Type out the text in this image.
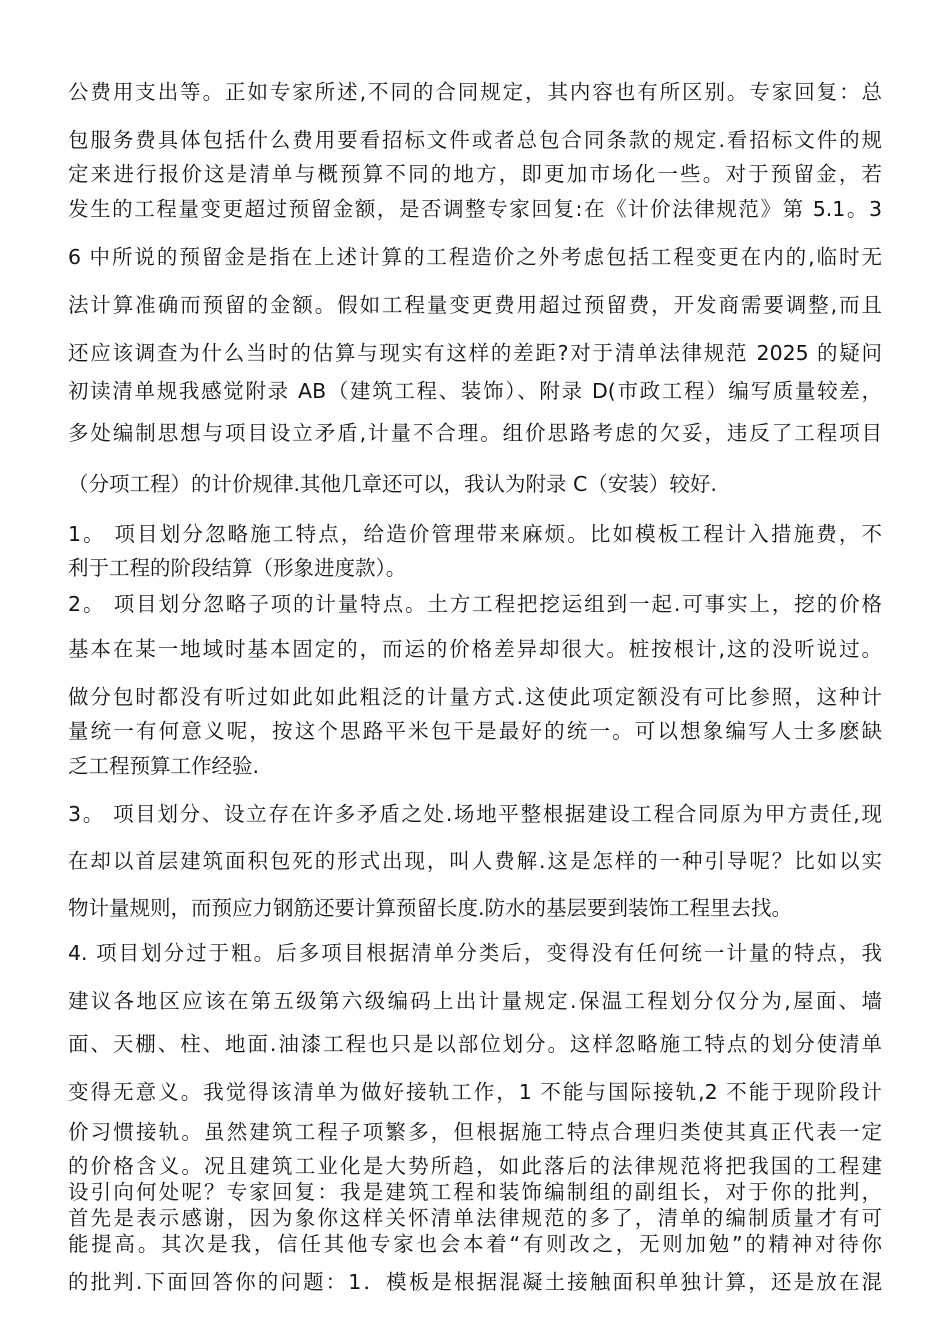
公费用支出等。正如专家所述,不同的合同规定，其内容也有所区别。专家回复：总

包服务费具体包括什么费用要看招标文件或者总包合同条款的规定.看招标文件的规

定来进行报价这是清单与概预算不同的地方，即更加市场化一些。对于预留金，若

发生的工程量变更超过预留金额，是否调整专家回复:在《计价法律规范》第 5.1。3

6 中所说的预留金是指在上述计算的工程造价之外考虑包括工程变更在内的,临时无

法计算准确而预留的金额。假如工程量变更费用超过预留费，开发商需要调整,而且

还应该调查为什么当时的估算与现实有这样的差距?对于清单法律规范 2025 的疑问

初读清单规我感觉附录 AB（建筑工程、装饰）、附录 D(市政工程）编写质量较差，

多处编制思想与项目设立矛盾,计量不合理。组价思路考虑的欠妥，违反了工程项目

（分项工程）的计价规律.其他几章还可以，我认为附录 C（安装）较好.

1。 项目划分忽略施工特点，给造价管理带来麻烦。比如模板工程计入措施费，不

利于工程的阶段结算（形象进度款）。

2。 项目划分忽略子项的计量特点。土方工程把挖运组到一起.可事实上，挖的价格

基本在某一地域时基本固定的，而运的价格差异却很大。桩按根计,这的没听说过。

做分包时都没有听过如此如此粗泛的计量方式.这使此项定额没有可比参照，这种计

量统一有何意义呢，按这个思路平米包干是最好的统一。可以想象编写人士多麽缺

乏工程预算工作经验.

3。 项目划分、设立存在许多矛盾之处.场地平整根据建设工程合同原为甲方责任,现

在却以首层建筑面积包死的形式出现，叫人费解.这是怎样的一种引导呢？比如以实

物计量规则，而预应力钢筋还要计算预留长度.防水的基层要到装饰工程里去找。

4. 项目划分过于粗。后多项目根据清单分类后，变得没有任何统一计量的特点，我

建议各地区应该在第五级第六级编码上出计量规定.保温工程划分仅分为,屋面、墙

面、天棚、柱、地面.油漆工程也只是以部位划分。这样忽略施工特点的划分使清单

变得无意义。我觉得该清单为做好接轨工作，1 不能与国际接轨,2 不能于现阶段计

价习惯接轨。虽然建筑工程子项繁多，但根据施工特点合理归类使其真正代表一定

的价格含义。况且建筑工业化是大势所趋，如此落后的法律规范将把我国的工程建

设引向何处呢？专家回复：我是建筑工程和装饰编制组的副组长，对于你的批判，

首先是表示感谢，因为象你这样关怀清单法律规范的多了，清单的编制质量才有可

能提高。其次是我，信任其他专家也会本着“有则改之，无则加勉”的精神对待你

的批判.下面回答你的问题：1．模板是根据混凝土接触面积单独计算，还是放在混
